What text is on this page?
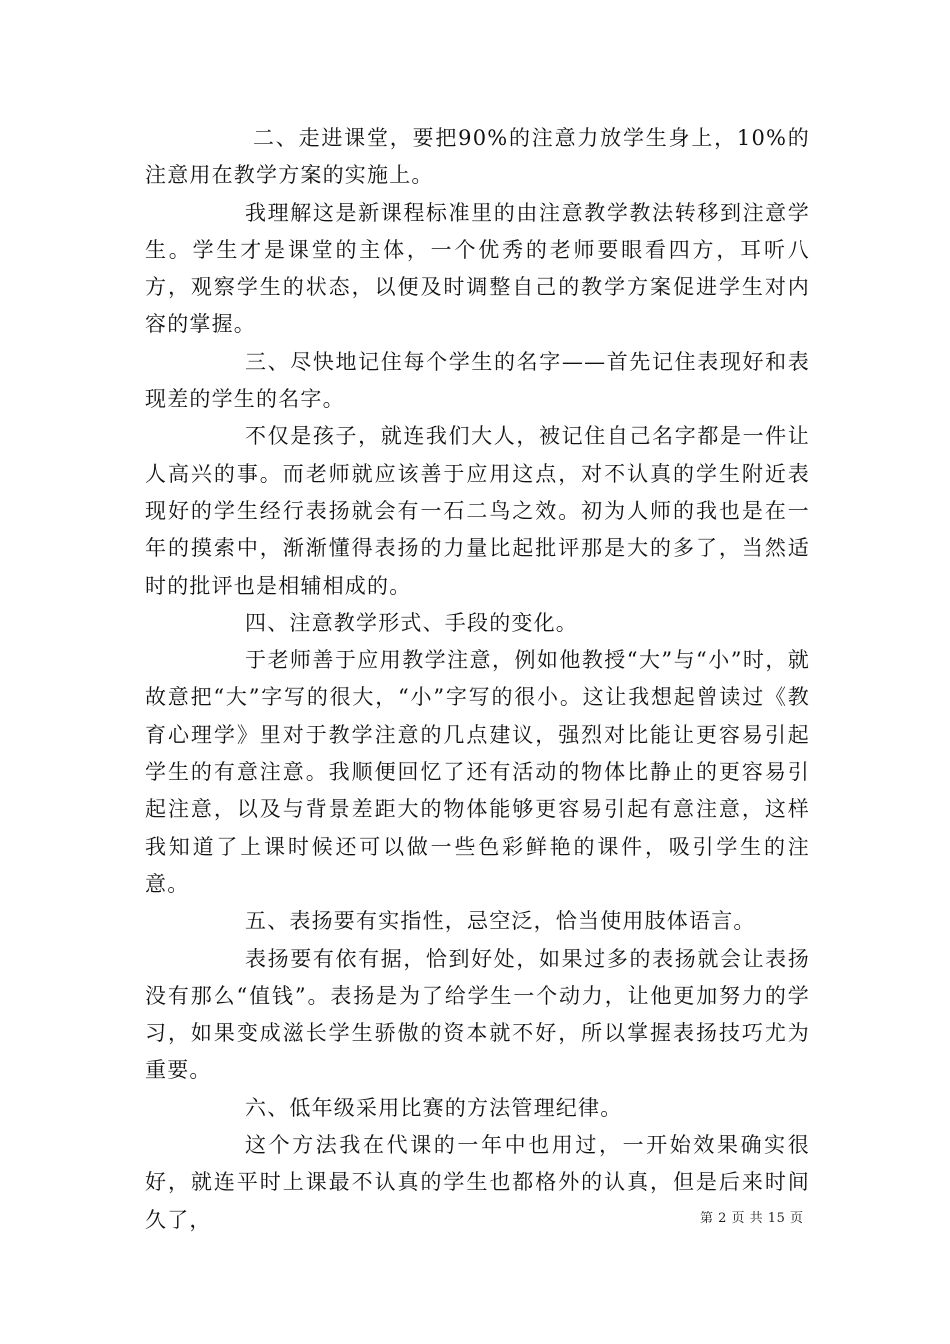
二、走进课堂，要把90%的注意力放学生身上，10%的注意用在教学方案的实施上。

我理解这是新课程标准里的由注意教学教法转移到注意学生。学生才是课堂的主体，一个优秀的老师要眼看四方，耳听八方，观察学生的状态，以便及时调整自己的教学方案促进学生对内容的掌握。

三、尽快地记住每个学生的名字——首先记住表现好和表现差的学生的名字。

不仅是孩子，就连我们大人，被记住自己名字都是一件让人高兴的事。而老师就应该善于应用这点，对不认真的学生附近表现好的学生经行表扬就会有一石二鸟之效。初为人师的我也是在一年的摸索中，渐渐懂得表扬的力量比起批评那是大的多了，当然适时的批评也是相辅相成的。

四、注意教学形式、手段的变化。

于老师善于应用教学注意，例如他教授“大”与“小”时，就故意把“大”字写的很大，“小”字写的很小。这让我想起曾读过《教育心理学》里对于教学注意的几点建议，强烈对比能让更容易引起学生的有意注意。我顺便回忆了还有活动的物体比静止的更容易引起注意，以及与背景差距大的物体能够更容易引起有意注意，这样我知道了上课时候还可以做一些色彩鲜艳的课件，吸引学生的注意。

五、表扬要有实指性，忌空泛，恰当使用肢体语言。

表扬要有依有据，恰到好处，如果过多的表扬就会让表扬没有那么“值钱”。表扬是为了给学生一个动力，让他更加努力的学习，如果变成滋长学生骄傲的资本就不好，所以掌握表扬技巧尤为重要。

六、低年级采用比赛的方法管理纪律。

这个方法我在代课的一年中也用过，一开始效果确实很好，就连平时上课最不认真的学生也都格外的认真，但是后来时间久了，	第 2 页 共 15 页
